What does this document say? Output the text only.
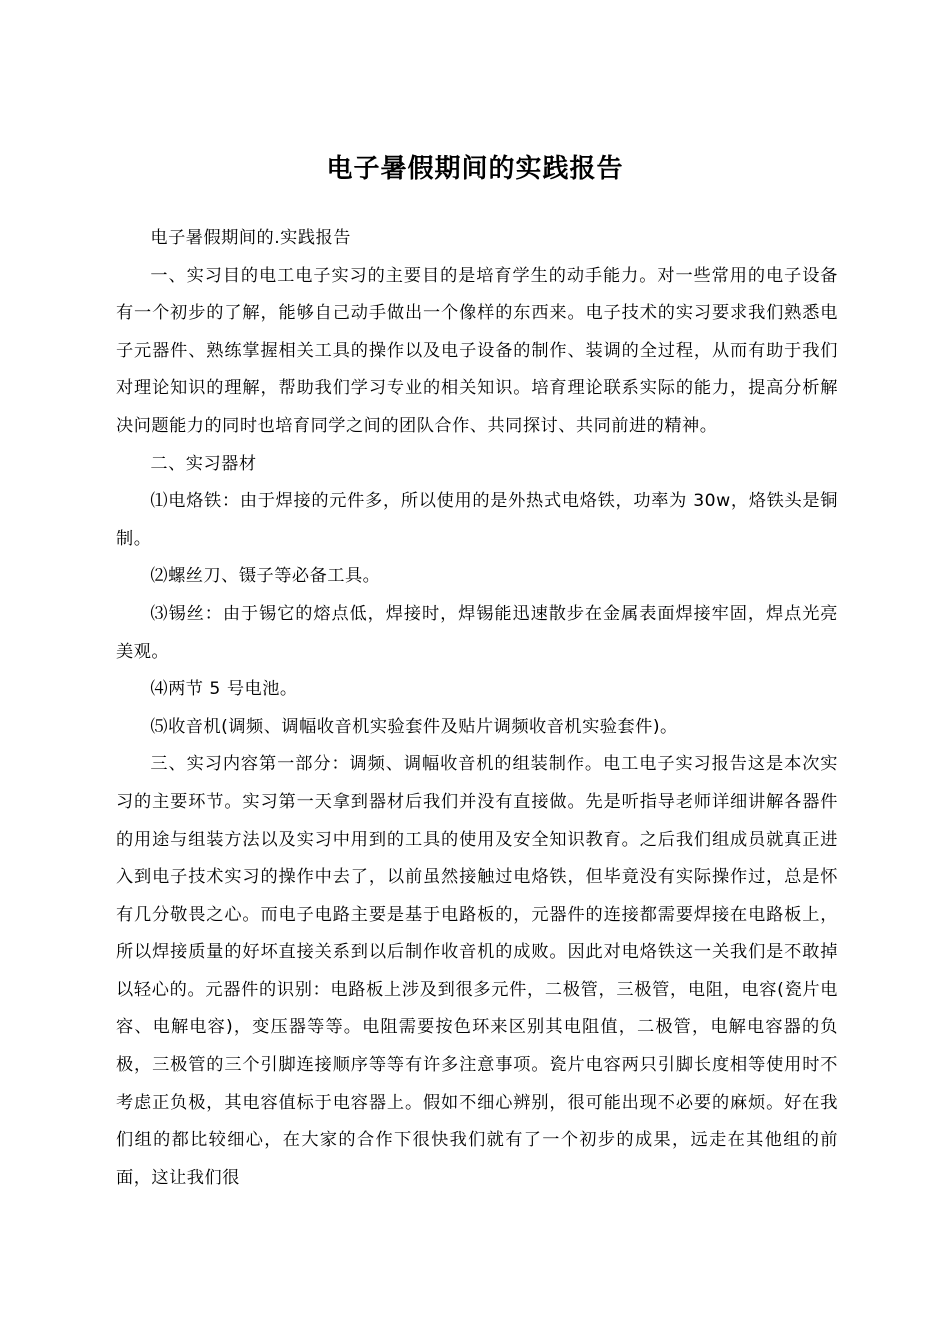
电子暑假期间的实践报告

电子暑假期间的.实践报告

一、实习目的电工电子实习的主要目的是培育学生的动手能力。对一些常用的电子设备有一个初步的了解，能够自己动手做出一个像样的东西来。电子技术的实习要求我们熟悉电子元器件、熟练掌握相关工具的操作以及电子设备的制作、装调的全过程，从而有助于我们对理论知识的理解，帮助我们学习专业的相关知识。培育理论联系实际的能力，提高分析解决问题能力的同时也培育同学之间的团队合作、共同探讨、共同前进的精神。

二、实习器材

⑴电烙铁：由于焊接的元件多，所以使用的是外热式电烙铁，功率为 30w，烙铁头是铜制。

⑵螺丝刀、镊子等必备工具。

⑶锡丝：由于锡它的熔点低，焊接时，焊锡能迅速散步在金属表面焊接牢固，焊点光亮美观。

⑷两节 5 号电池。

⑸收音机(调频、调幅收音机实验套件及贴片调频收音机实验套件)。

三、实习内容第一部分：调频、调幅收音机的组装制作。电工电子实习报告这是本次实习的主要环节。实习第一天拿到器材后我们并没有直接做。先是听指导老师详细讲解各器件的用途与组装方法以及实习中用到的工具的使用及安全知识教育。之后我们组成员就真正进入到电子技术实习的操作中去了，以前虽然接触过电烙铁，但毕竟没有实际操作过，总是怀有几分敬畏之心。而电子电路主要是基于电路板的，元器件的连接都需要焊接在电路板上，所以焊接质量的好坏直接关系到以后制作收音机的成败。因此对电烙铁这一关我们是不敢掉以轻心的。元器件的识别：电路板上涉及到很多元件，二极管，三极管，电阻，电容(瓷片电容、电解电容)，变压器等等。电阻需要按色环来区别其电阻值，二极管，电解电容器的负极，三极管的三个引脚连接顺序等等有许多注意事项。瓷片电容两只引脚长度相等使用时不考虑正负极，其电容值标于电容器上。假如不细心辨别，很可能出现不必要的麻烦。好在我们组的都比较细心，在大家的合作下很快我们就有了一个初步的成果，远走在其他组的前面，这让我们很
